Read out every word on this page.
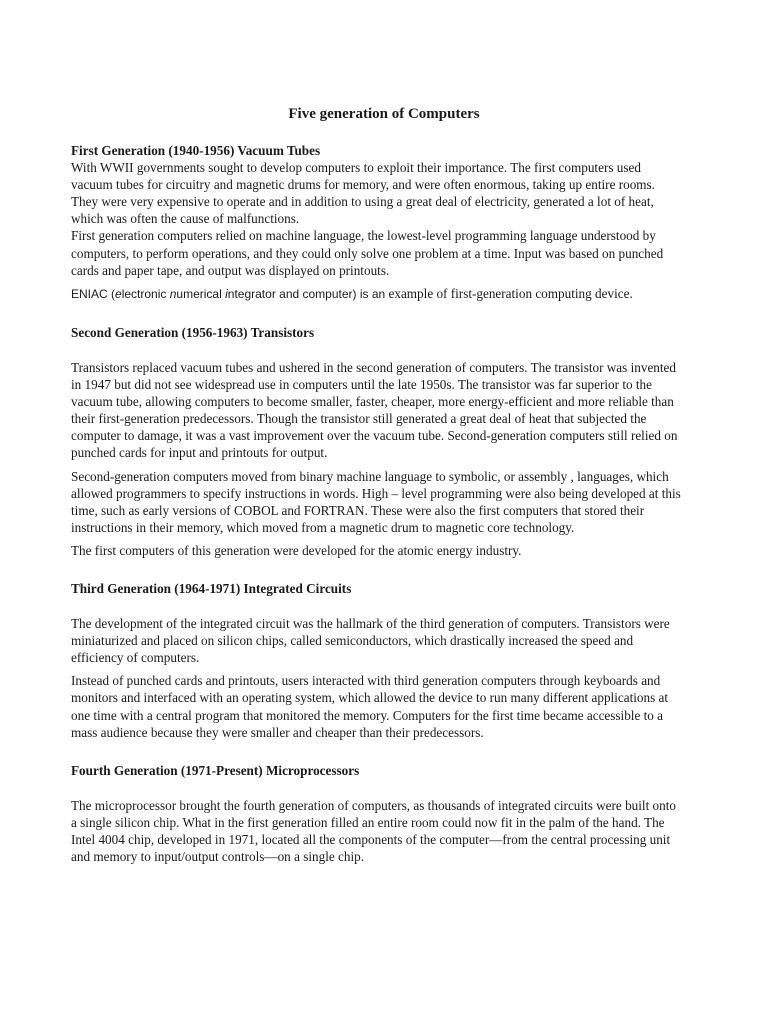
Five generation of Computers

First Generation (1940-1956) Vacuum Tubes

With WWII governments sought to develop computers to exploit their importance. The first computers used vacuum tubes for circuitry and magnetic drums for memory, and were often enormous, taking up entire rooms. They were very expensive to operate and in addition to using a great deal of electricity, generated a lot of heat, which was often the cause of malfunctions.

First generation computers relied on machine language, the lowest-level programming language understood by computers, to perform operations, and they could only solve one problem at a time. Input was based on punched cards and paper tape, and output was displayed on printouts.

ENIAC (electronic numerical integrator and computer) is an example of first-generation computing device.

Second Generation (1956-1963) Transistors

Transistors replaced vacuum tubes and ushered in the second generation of computers. The transistor was invented in 1947 but did not see widespread use in computers until the late 1950s. The transistor was far superior to the vacuum tube, allowing computers to become smaller, faster, cheaper, more energy-efficient and more reliable than their first-generation predecessors. Though the transistor still generated a great deal of heat that subjected the computer to damage, it was a vast improvement over the vacuum tube. Second-generation computers still relied on punched cards for input and printouts for output.

Second-generation computers moved from binary machine language to symbolic, or assembly , languages, which allowed programmers to specify instructions in words. High – level programming were also being developed at this time, such as early versions of COBOL and FORTRAN. These were also the first computers that stored their instructions in their memory, which moved from a magnetic drum to magnetic core technology.

The first computers of this generation were developed for the atomic energy industry.

Third Generation (1964-1971) Integrated Circuits

The development of the integrated circuit was the hallmark of the third generation of computers. Transistors were miniaturized and placed on silicon chips, called semiconductors, which drastically increased the speed and efficiency of computers.

Instead of punched cards and printouts, users interacted with third generation computers through keyboards and monitors and interfaced with an operating system, which allowed the device to run many different applications at one time with a central program that monitored the memory. Computers for the first time became accessible to a mass audience because they were smaller and cheaper than their predecessors.

Fourth Generation (1971-Present) Microprocessors

The microprocessor brought the fourth generation of computers, as thousands of integrated circuits were built onto a single silicon chip. What in the first generation filled an entire room could now fit in the palm of the hand. The Intel 4004 chip, developed in 1971, located all the components of the computer—from the central processing unit and memory to input/output controls—on a single chip.
